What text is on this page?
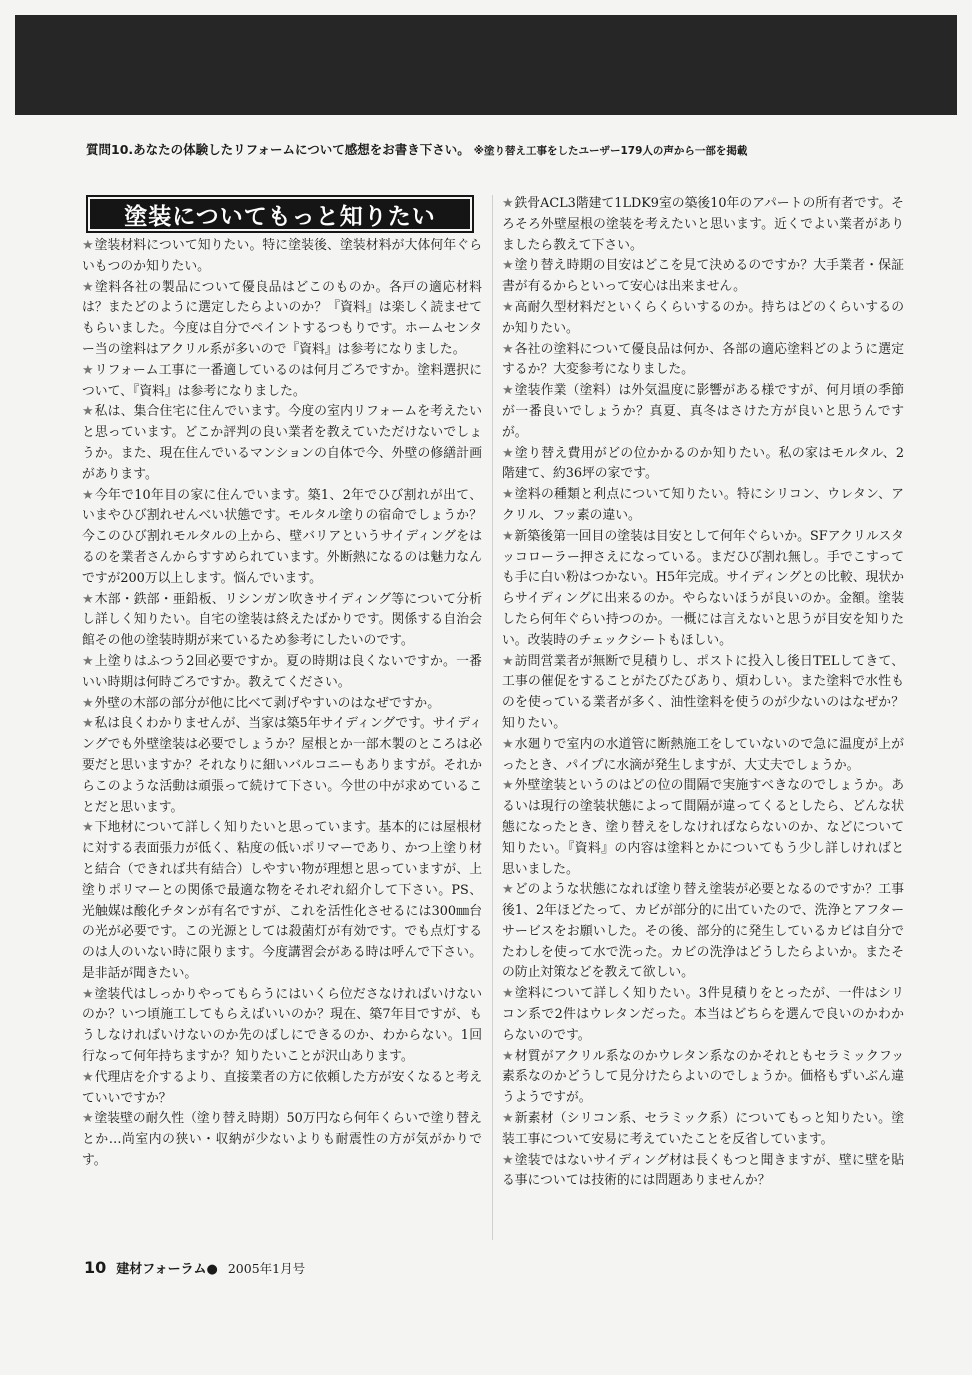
質問10.あなたの体験したリフォームについて感想をお書き下さい。 ※塗り替え工事をしたユーザー179人の声から一部を掲載
塗装についてもっと知りたい

★塗装材料について知りたい。特に塗装後、塗装材料が大体何年ぐらいもつのか知りたい。

★塗料各社の製品について優良品はどこのものか。各戸の適応材料は？またどのように選定したらよいのか？『資料』は楽しく読ませてもらいました。今度は自分でペイントするつもりです。ホームセンター当の塗料はアクリル系が多いので『資料』は参考になりました。

★リフォーム工事に一番適しているのは何月ごろですか。塗料選択について、『資料』は参考になりました。

★私は、集合住宅に住んでいます。今度の室内リフォームを考えたいと思っています。どこか評判の良い業者を教えていただけないでしょうか。また、現在住んでいるマンションの自体で今、外壁の修繕計画があります。

★今年で10年目の家に住んでいます。築1、2年でひび割れが出て、いまやひび割れせんべい状態です。モルタル塗りの宿命でしょうか？今このひび割れモルタルの上から、壁バリアというサイディングをはるのを業者さんからすすめられています。外断熱になるのは魅力なんですが200万以上します。悩んでいます。

★木部・鉄部・亜鉛板、リシンガン吹きサイディング等について分析し詳しく知りたい。自宅の塗装は終えたばかりです。関係する自治会館その他の塗装時期が来ているため参考にしたいのです。

★上塗りはふつう2回必要ですか。夏の時期は良くないですか。一番いい時期は何時ごろですか。教えてください。

★外壁の木部の部分が他に比べて剥げやすいのはなぜですか。

★私は良くわかりませんが、当家は築5年サイディングです。サイディングでも外壁塗装は必要でしょうか？屋根とか一部木製のところは必要だと思いますか？それなりに細いバルコニーもありますが。それからこのような活動は頑張って続けて下さい。今世の中が求めていることだと思います。

★下地材について詳しく知りたいと思っています。基本的には屋根材に対する表面張力が低く、粘度の低いポリマーであり、かつ上塗り材と結合（できれば共有結合）しやすい物が理想と思っていますが、上塗りポリマーとの関係で最適な物をそれぞれ紹介して下さい。PS、光触媒は酸化チタンが有名ですが、これを活性化させるには300㎜台の光が必要です。この光源としては殺菌灯が有効です。でも点灯するのは人のいない時に限ります。今度講習会がある時は呼んで下さい。是非話が聞きたい。

★塗装代はしっかりやってもらうにはいくら位ださなければいけないのか？いつ頃施工してもらえばいいのか？現在、築7年目ですが、もうしなければいけないのか先のばしにできるのか、わからない。1回行なって何年持ちますか？知りたいことが沢山あります。

★代理店を介するより、直接業者の方に依頼した方が安くなると考えていいですか？

★塗装壁の耐久性（塗り替え時期）50万円なら何年くらいで塗り替えとか…尚室内の狭い・収納が少ないよりも耐震性の方が気がかりです。

★鉄骨ACL3階建て1LDK9室の築後10年のアパートの所有者です。そろそろ外壁屋根の塗装を考えたいと思います。近くでよい業者がありましたら教えて下さい。

★塗り替え時期の目安はどこを見て決めるのですか？大手業者・保証書が有るからといって安心は出来ません。

★高耐久型材料だといくらくらいするのか。持ちはどのくらいするのか知りたい。

★各社の塗料について優良品は何か、各部の適応塗料どのように選定するか？大変参考になりました。

★塗装作業（塗料）は外気温度に影響がある様ですが、何月頃の季節が一番良いでしょうか？真夏、真冬はさけた方が良いと思うんですが。

★塗り替え費用がどの位かかるのか知りたい。私の家はモルタル、2階建て、約36坪の家です。

★塗料の種類と利点について知りたい。特にシリコン、ウレタン、アクリル、フッ素の違い。

★新築後第一回目の塗装は目安として何年ぐらいか。SFアクリルスタッコローラー押さえになっている。まだひび割れ無し。手でこすっても手に白い粉はつかない。H5年完成。サイディングとの比較、現状からサイディングに出来るのか。やらないほうが良いのか。金額。塗装したら何年ぐらい持つのか。一概には言えないと思うが目安を知りたい。改装時のチェックシートもほしい。

★訪問営業者が無断で見積りし、ポストに投入し後日TELしてきて、工事の催促をすることがたびたびあり、煩わしい。また塗料で水性ものを使っている業者が多く、油性塗料を使うのが少ないのはなぜか？知りたい。

★水廻りで室内の水道管に断熱施工をしていないので急に温度が上がったとき、パイプに水滴が発生しますが、大丈夫でしょうか。

★外壁塗装というのはどの位の間隔で実施すべきなのでしょうか。あるいは現行の塗装状態によって間隔が違ってくるとしたら、どんな状態になったとき、塗り替えをしなければならないのか、などについて知りたい。『資料』の内容は塗料とかについてもう少し詳しければと思いました。

★どのような状態になれば塗り替え塗装が必要となるのですか？工事後1、2年ほどたって、カビが部分的に出ていたので、洗浄とアフターサービスをお願いした。その後、部分的に発生しているカビは自分でたわしを使って水で洗った。カビの洗浄はどうしたらよいか。またその防止対策などを教えて欲しい。

★塗料について詳しく知りたい。3件見積りをとったが、一件はシリコン系で2件はウレタンだった。本当はどちらを選んで良いのかわからないのです。

★材質がアクリル系なのかウレタン系なのかそれともセラミックフッ素系なのかどうして見分けたらよいのでしょうか。価格もずいぶん違うようですが。

★新素材（シリコン系、セラミック系）についてもっと知りたい。塗装工事について安易に考えていたことを反省しています。

★塗装ではないサイディング材は長くもつと聞きますが、壁に壁を貼る事については技術的には問題ありませんか？

10 建材フォーラム● 2005年1月号
